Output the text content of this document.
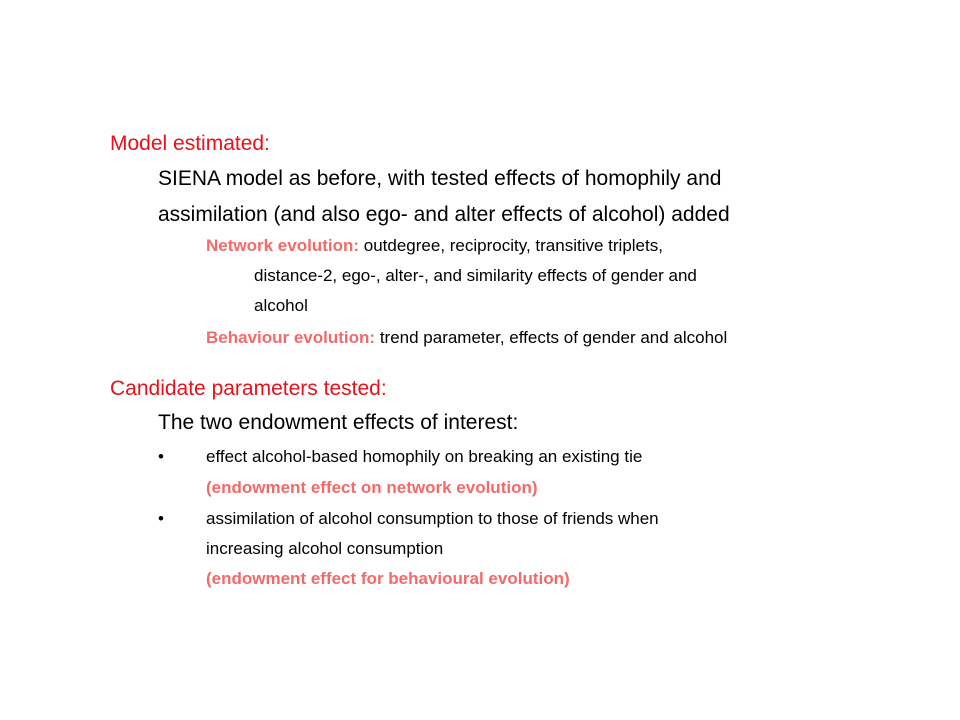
Model estimated:
SIENA model as before, with tested effects of homophily and
assimilation (and also ego- and alter effects of alcohol) added
Network evolution: outdegree, reciprocity, transitive triplets,
distance-2, ego-, alter-, and similarity effects of gender and
alcohol
Behaviour evolution: trend parameter, effects of gender and alcohol
Candidate parameters tested:
The two endowment effects of interest:
• effect alcohol-based homophily on breaking an existing tie
(endowment effect on network evolution)
• assimilation of alcohol consumption to those of friends when
increasing alcohol consumption
(endowment effect for behavioural evolution)
